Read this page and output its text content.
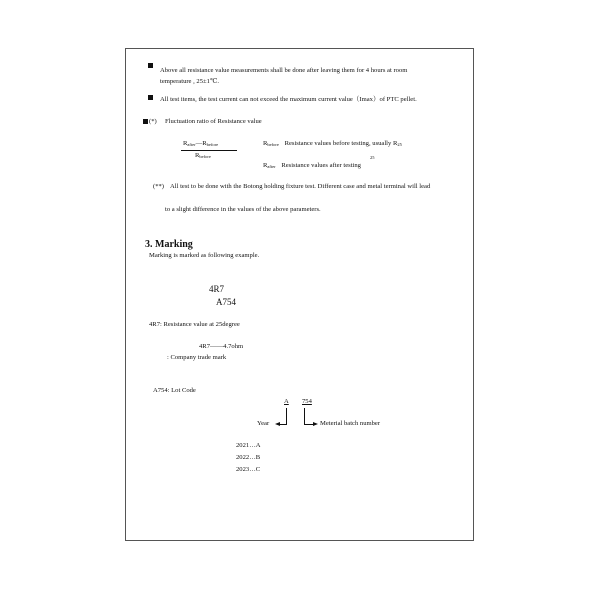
Above all resistance value measurements shall be done after leaving them for 4 hours at room
temperature , 25±1℃.
All test items, the test current can not exceed the maximum current value（Imax）of PTC pellet.
(*) Fluctuation ratio of Resistance value
$R_{after}—R_{before}$
$R_{before}$
$R_{before}$ Resistance values before testing, usually $R_{25}$
25
$R_{after}$ Resistance values after testing
(**) All test to be done with the Botong holding fixture test. Different case and metal terminal will lead
to a slight difference in the values of the above parameters.
3. Marking
Marking is marked as following example.
4R7
A754
4R7: Resistance value at 25degree
4R7——4.7ohm
: Company trade mark
A754: Lot Code
A 754
Year	Meterial batch number
2021…A
2022…B
2023…C
